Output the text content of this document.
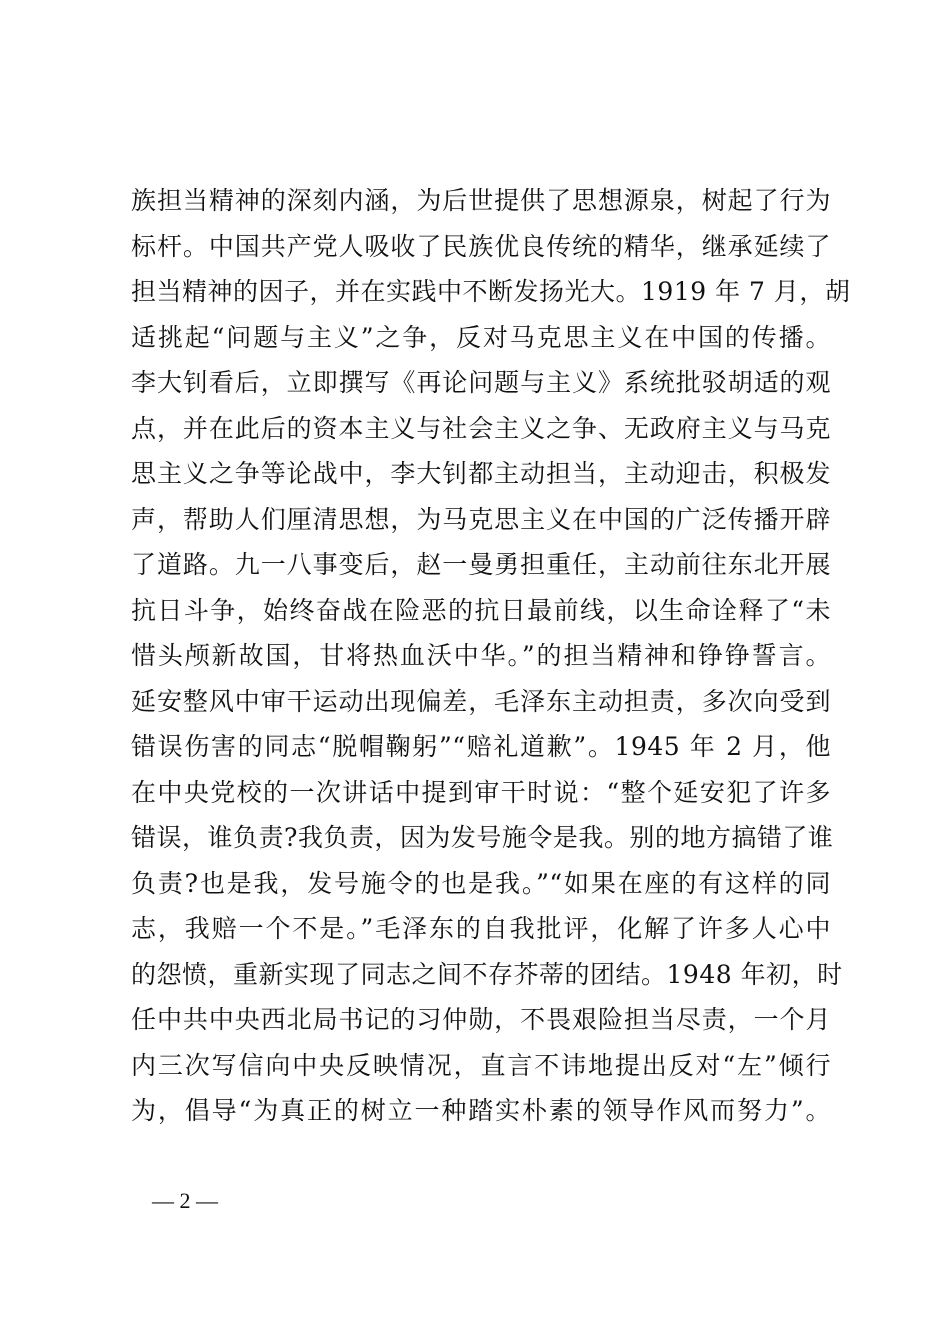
族担当精神的深刻内涵，为后世提供了思想源泉，树起了行为
标杆。中国共产党人吸收了民族优良传统的精华，继承延续了
担当精神的因子，并在实践中不断发扬光大。1919 年 7 月，胡
适挑起“问题与主义”之争，反对马克思主义在中国的传播。
李大钊看后，立即撰写《再论问题与主义》系统批驳胡适的观
点，并在此后的资本主义与社会主义之争、无政府主义与马克
思主义之争等论战中，李大钊都主动担当，主动迎击，积极发
声，帮助人们厘清思想，为马克思主义在中国的广泛传播开辟
了道路。九一八事变后，赵一曼勇担重任，主动前往东北开展
抗日斗争，始终奋战在险恶的抗日最前线，以生命诠释了“未
惜头颅新故国，甘将热血沃中华。”的担当精神和铮铮誓言。
延安整风中审干运动出现偏差，毛泽东主动担责，多次向受到
错误伤害的同志“脱帽鞠躬”“赔礼道歉”。1945 年 2 月，他
在中央党校的一次讲话中提到审干时说：“整个延安犯了许多
错误，谁负责?我负责，因为发号施令是我。别的地方搞错了谁
负责?也是我，发号施令的也是我。”“如果在座的有这样的同
志，我赔一个不是。”毛泽东的自我批评，化解了许多人心中
的怨愤，重新实现了同志之间不存芥蒂的团结。1948 年初，时
任中共中央西北局书记的习仲勋，不畏艰险担当尽责，一个月
内三次写信向中央反映情况，直言不讳地提出反对“左”倾行
为，倡导“为真正的树立一种踏实朴素的领导作风而努力”。
— 2 —
